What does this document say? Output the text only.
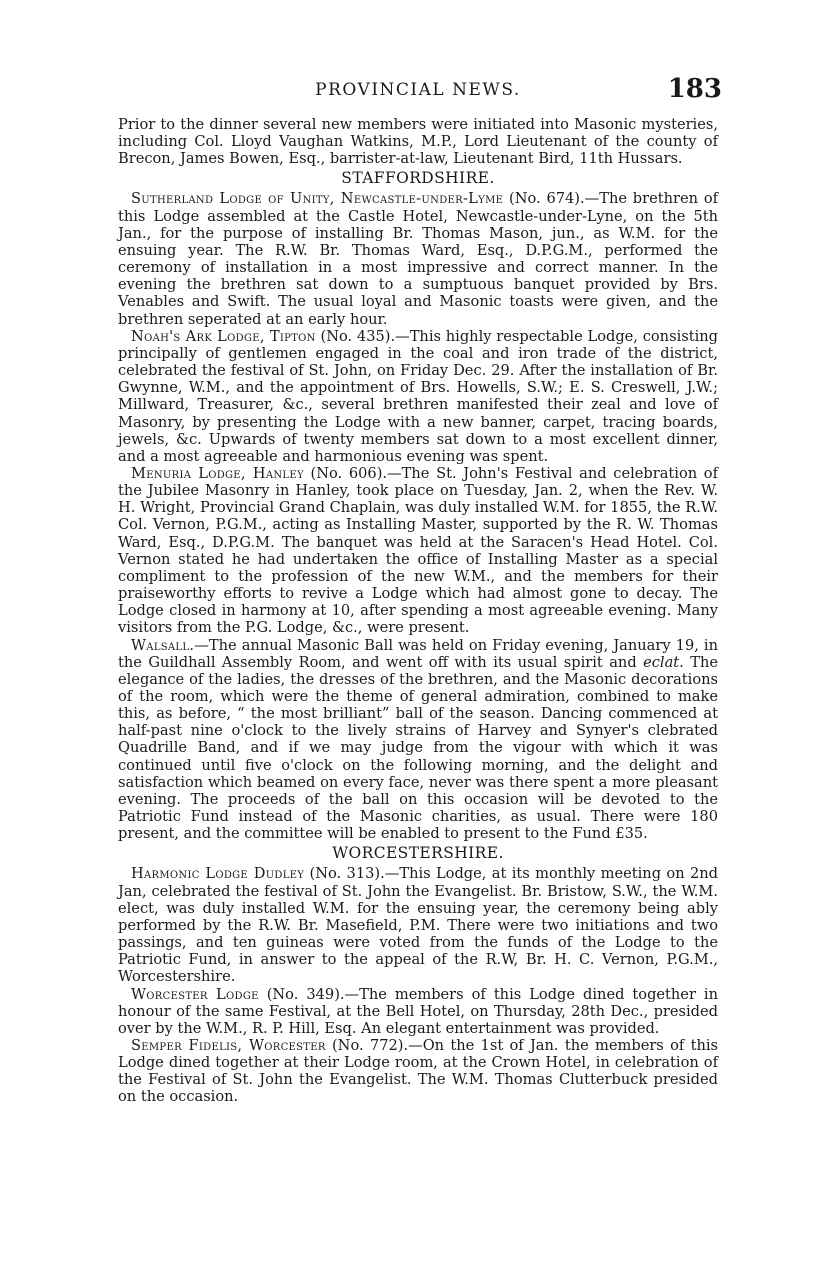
PROVINCIAL NEWS.	183

Prior to the dinner several new members were initiated into Masonic mysteries, including Col. Lloyd Vaughan Watkins, M.P., Lord Lieutenant of the county of Brecon, James Bowen, Esq., barrister-at-law, Lieutenant Bird, 11th Hussars.

STAFFORDSHIRE.

Sutherland Lodge of Unity, Newcastle-under-Lyme (No. 674).—The brethren of this Lodge assembled at the Castle Hotel, Newcastle-under-Lyne, on the 5th Jan., for the purpose of installing Br. Thomas Mason, jun., as W.M. for the ensuing year. The R.W. Br. Thomas Ward, Esq., D.P.G.M., performed the ceremony of installation in a most impressive and correct manner. In the evening the brethren sat down to a sumptuous banquet provided by Brs. Venables and Swift. The usual loyal and Masonic toasts were given, and the brethren seperated at an early hour.

Noah's Ark Lodge, Tipton (No. 435).—This highly respectable Lodge, consisting principally of gentlemen engaged in the coal and iron trade of the district, celebrated the festival of St. John, on Friday Dec. 29. After the installation of Br. Gwynne, W.M., and the appointment of Brs. Howells, S.W.; E. S. Creswell, J.W.; Millward, Treasurer, &c., several brethren manifested their zeal and love of Masonry, by presenting the Lodge with a new banner, carpet, tracing boards, jewels, &c. Upwards of twenty members sat down to a most excellent dinner, and a most agreeable and harmonious evening was spent.

Menuria Lodge, Hanley (No. 606).—The St. John's Festival and celebration of the Jubilee Masonry in Hanley, took place on Tuesday, Jan. 2, when the Rev. W. H. Wright, Provincial Grand Chaplain, was duly installed W.M. for 1855, the R.W. Col. Vernon, P.G.M., acting as Installing Master, supported by the R. W. Thomas Ward, Esq., D.P.G.M. The banquet was held at the Saracen's Head Hotel. Col. Vernon stated he had undertaken the office of Installing Master as a special compliment to the profession of the new W.M., and the members for their praiseworthy efforts to revive a Lodge which had almost gone to decay. The Lodge closed in harmony at 10, after spending a most agreeable evening. Many visitors from the P.G. Lodge, &c., were present.

Walsall.—The annual Masonic Ball was held on Friday evening, January 19, in the Guildhall Assembly Room, and went off with its usual spirit and eclat. The elegance of the ladies, the dresses of the brethren, and the Masonic decorations of the room, which were the theme of general admiration, combined to make this, as before, “ the most brilliant” ball of the season. Dancing commenced at half-past nine o'clock to the lively strains of Harvey and Synyer's clebrated Quadrille Band, and if we may judge from the vigour with which it was continued until five o'clock on the following morning, and the delight and satisfaction which beamed on every face, never was there spent a more pleasant evening. The proceeds of the ball on this occasion will be devoted to the Patriotic Fund instead of the Masonic charities, as usual. There were 180 present, and the committee will be enabled to present to the Fund £35.

WORCESTERSHIRE.

Harmonic Lodge Dudley (No. 313).—This Lodge, at its monthly meeting on 2nd Jan, celebrated the festival of St. John the Evangelist. Br. Bristow, S.W., the W.M. elect, was duly installed W.M. for the ensuing year, the ceremony being ably performed by the R.W. Br. Masefield, P.M. There were two initiations and two passings, and ten guineas were voted from the funds of the Lodge to the Patriotic Fund, in answer to the appeal of the R.W, Br. H. C. Vernon, P.G.M., Worcestershire.

Worcester Lodge (No. 349).—The members of this Lodge dined together in honour of the same Festival, at the Bell Hotel, on Thursday, 28th Dec., presided over by the W.M., R. P. Hill, Esq. An elegant entertainment was provided.

Semper Fidelis, Worcester (No. 772).—On the 1st of Jan. the members of this Lodge dined together at their Lodge room, at the Crown Hotel, in celebration of the Festival of St. John the Evangelist. The W.M. Thomas Clutterbuck presided on the occasion.
